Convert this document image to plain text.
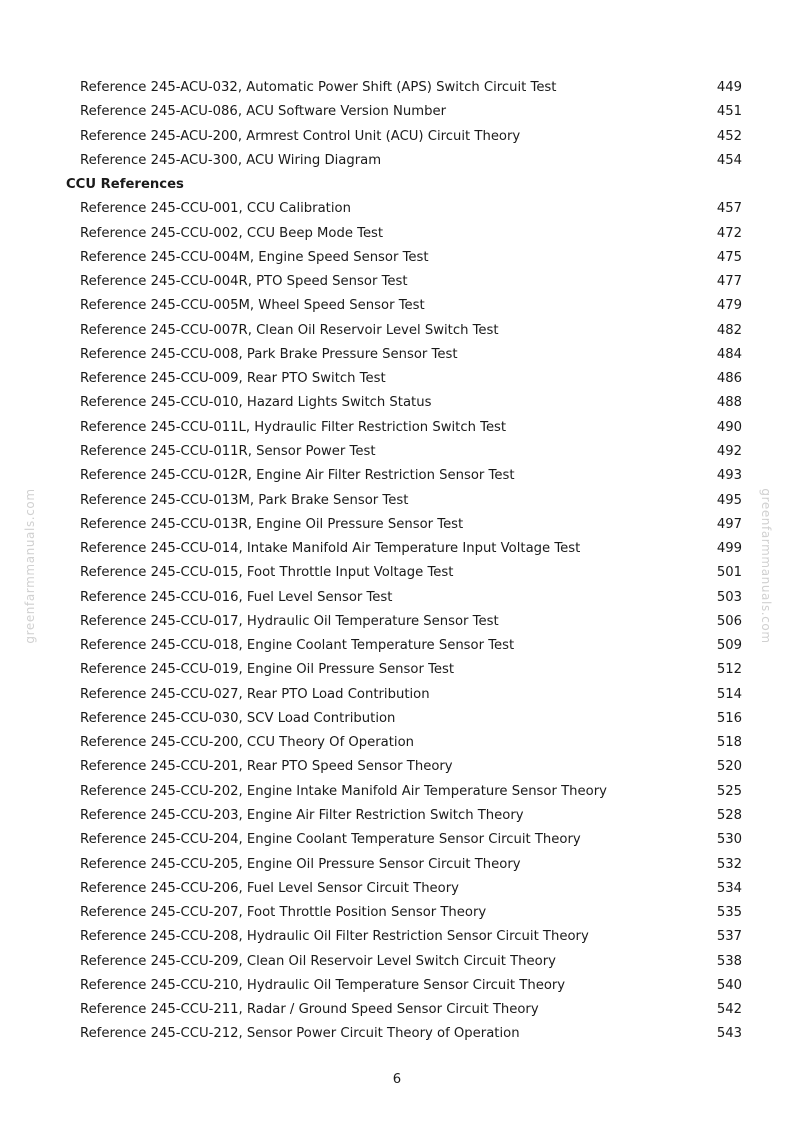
greenfarmmanuals.com	greenfarmmanuals.com
Reference 245-ACU-032, Automatic Power Shift (APS) Switch Circuit Test	449
Reference 245-ACU-086, ACU Software Version Number	451
Reference 245-ACU-200, Armrest Control Unit (ACU) Circuit Theory	452
Reference 245-ACU-300, ACU Wiring Diagram	454
CCU References
Reference 245-CCU-001, CCU Calibration	457
Reference 245-CCU-002, CCU Beep Mode Test	472
Reference 245-CCU-004M, Engine Speed Sensor Test	475
Reference 245-CCU-004R, PTO Speed Sensor Test	477
Reference 245-CCU-005M, Wheel Speed Sensor Test	479
Reference 245-CCU-007R, Clean Oil Reservoir Level Switch Test	482
Reference 245-CCU-008, Park Brake Pressure Sensor Test	484
Reference 245-CCU-009, Rear PTO Switch Test	486
Reference 245-CCU-010, Hazard Lights Switch Status	488
Reference 245-CCU-011L, Hydraulic Filter Restriction Switch Test	490
Reference 245-CCU-011R, Sensor Power Test	492
Reference 245-CCU-012R, Engine Air Filter Restriction Sensor Test	493
Reference 245-CCU-013M, Park Brake Sensor Test	495
Reference 245-CCU-013R, Engine Oil Pressure Sensor Test	497
Reference 245-CCU-014, Intake Manifold Air Temperature Input Voltage Test	499
Reference 245-CCU-015, Foot Throttle Input Voltage Test	501
Reference 245-CCU-016, Fuel Level Sensor Test	503
Reference 245-CCU-017, Hydraulic Oil Temperature Sensor Test	506
Reference 245-CCU-018, Engine Coolant Temperature Sensor Test	509
Reference 245-CCU-019, Engine Oil Pressure Sensor Test	512
Reference 245-CCU-027, Rear PTO Load Contribution	514
Reference 245-CCU-030, SCV Load Contribution	516
Reference 245-CCU-200, CCU Theory Of Operation	518
Reference 245-CCU-201, Rear PTO Speed Sensor Theory	520
Reference 245-CCU-202, Engine Intake Manifold Air Temperature Sensor Theory	525
Reference 245-CCU-203, Engine Air Filter Restriction Switch Theory	528
Reference 245-CCU-204, Engine Coolant Temperature Sensor Circuit Theory	530
Reference 245-CCU-205, Engine Oil Pressure Sensor Circuit Theory	532
Reference 245-CCU-206, Fuel Level Sensor Circuit Theory	534
Reference 245-CCU-207, Foot Throttle Position Sensor Theory	535
Reference 245-CCU-208, Hydraulic Oil Filter Restriction Sensor Circuit Theory	537
Reference 245-CCU-209, Clean Oil Reservoir Level Switch Circuit Theory	538
Reference 245-CCU-210, Hydraulic Oil Temperature Sensor Circuit Theory	540
Reference 245-CCU-211, Radar / Ground Speed Sensor Circuit Theory	542
Reference 245-CCU-212, Sensor Power Circuit Theory of Operation	543
6
